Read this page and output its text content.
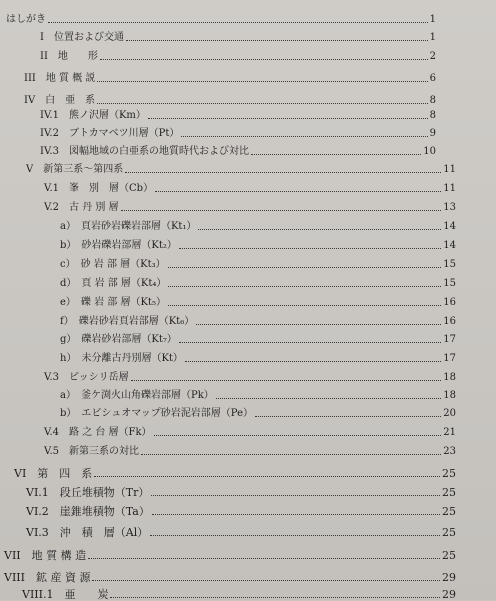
はしがき	1
I　位置および交通	1
II　地　　形	2
III　地 質 概 説	6
IV　白　亜　系	8
IV.1　熊ノ沢層（Km）	8
IV.2　ブトカマベツ川層（Pt）	9
IV.3　図幅地域の白亜系の地質時代および対比	10
V　新第三系〜第四系	11
V.1　峯　別　層（Cb）	11
V.2　古 丹 別 層	13
a）　頁岩砂岩礫岩部層（Kt₁）	14
b）　砂岩礫岩部層（Kt₂）	14
c）　砂 岩 部 層（Kt₃）	15
d）　頁 岩 部 層（Kt₄）	15
e）　礫 岩 部 層（Kt₅）	16
f）　礫岩砂岩頁岩部層（Kt₆）	16
g）　礫岩砂岩部層（Kt₇）	17
h）　未分離古丹別層（Kt）	17
V.3　ピッシリ岳層	18
a）　釜ケ渕火山角礫岩部層（Pk）	18
b）　エビシュオマップ砂岩泥岩部層（Pe）	20
V.4　路 之 台 層（Fk）	21
V.5　新第三系の対比	23
VI　第　四　系	25
VI.1　段丘堆積物（Tr）	25
VI.2　崖錐堆積物（Ta）	25
VI.3　沖　積　層（Al）	25
VII　地 質 構 造	25
VIII　鉱 産 資 源	29
VIII.1　亜　　炭	29
